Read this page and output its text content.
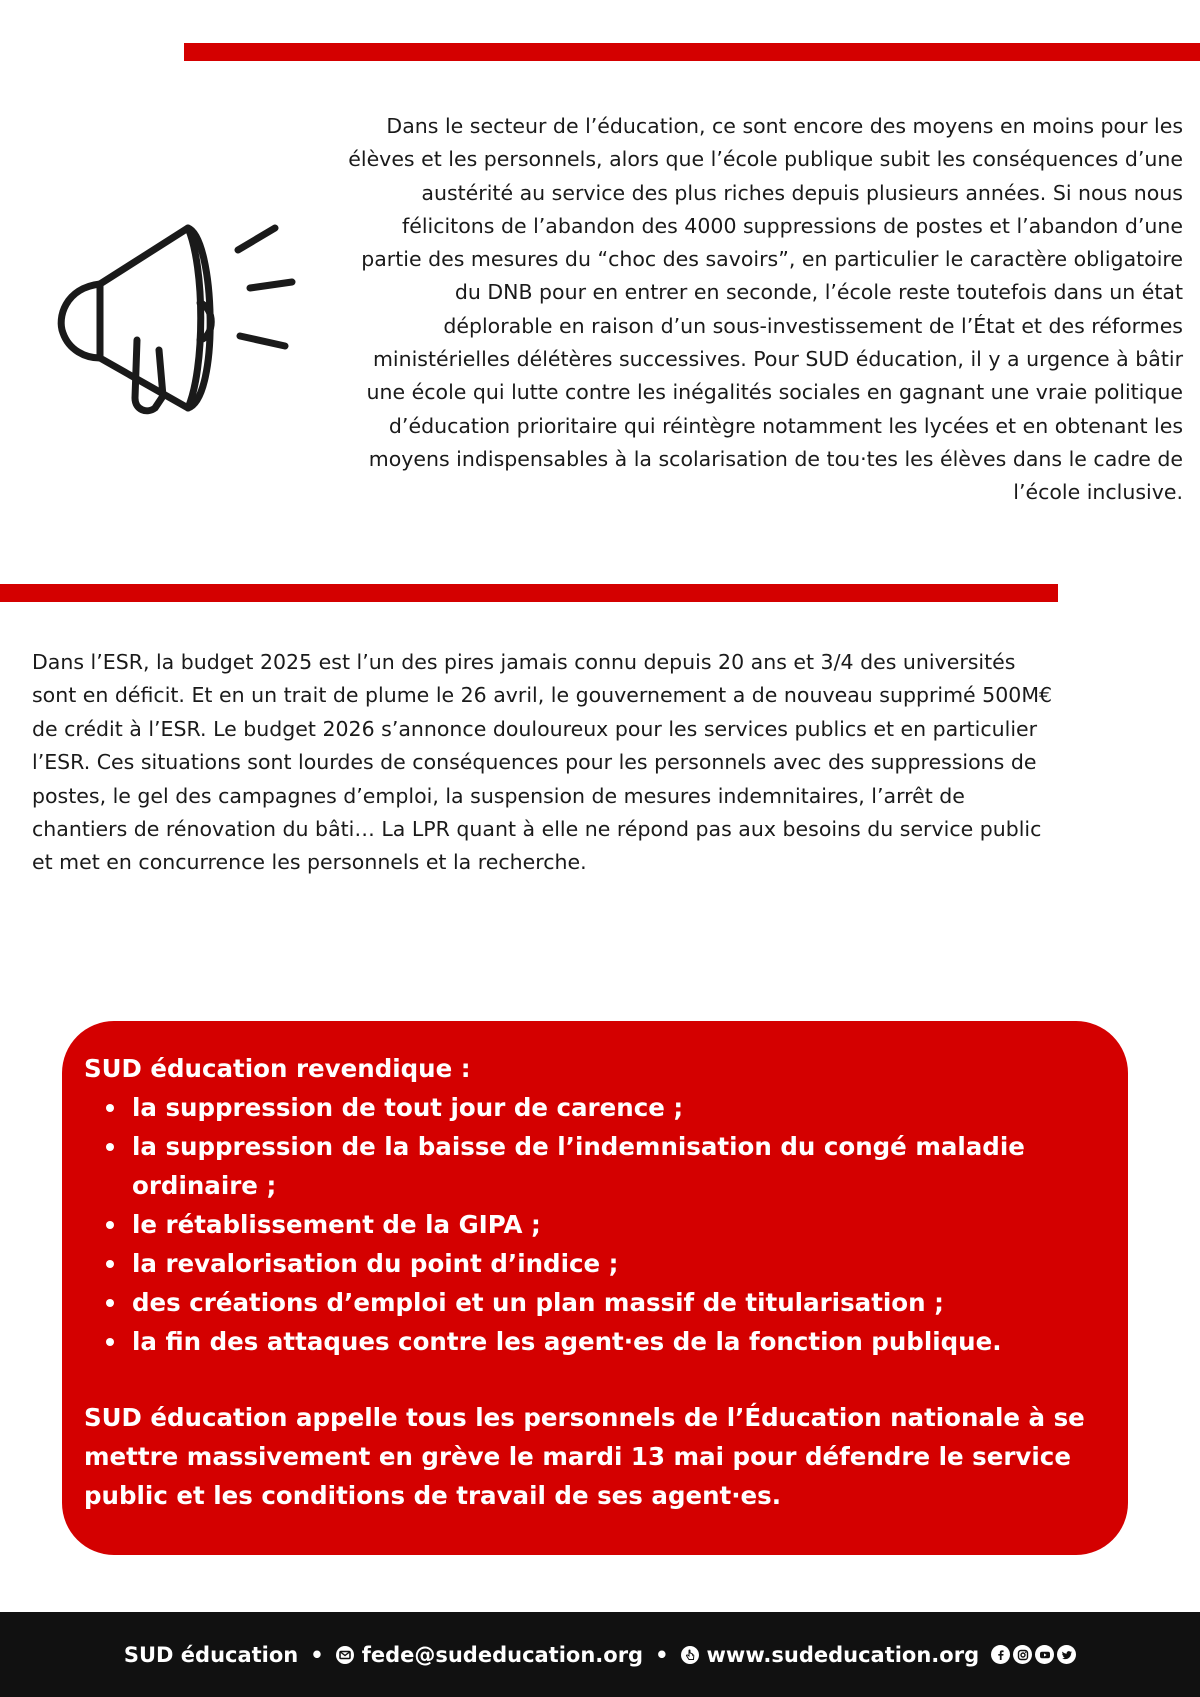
Dans le secteur de l’éducation, ce sont encore des moyens en moins pour les élèves et les personnels, alors que l’école publique subit les conséquences d’une austérité au service des plus riches depuis plusieurs années. Si nous nous félicitons de l’abandon des 4000 suppressions de postes et l’abandon d’une partie des mesures du “choc des savoirs”, en particulier le caractère obligatoire du DNB pour en entrer en seconde, l’école reste toutefois dans un état déplorable en raison d’un sous-investissement de l’État et des réformes ministérielles délétères successives. Pour SUD éducation, il y a urgence à bâtir une école qui lutte contre les inégalités sociales en gagnant une vraie politique d’éducation prioritaire qui réintègre notamment les lycées et en obtenant les moyens indispensables à la scolarisation de tou·tes les élèves dans le cadre de l’école inclusive.

Dans l’ESR, la budget 2025 est l’un des pires jamais connu depuis 20 ans et 3/4 des universités sont en déficit. Et en un trait de plume le 26 avril, le gouvernement a de nouveau supprimé 500M€ de crédit à l’ESR. Le budget 2026 s’annonce douloureux pour les services publics et en particulier l’ESR. Ces situations sont lourdes de conséquences pour les personnels avec des suppressions de postes, le gel des campagnes d’emploi, la suspension de mesures indemnitaires, l’arrêt de chantiers de rénovation du bâti… La LPR quant à elle ne répond pas aux besoins du service public et met en concurrence les personnels et la recherche.

SUD éducation revendique :
la suppression de tout jour de carence ;
la suppression de la baisse de l’indemnisation du congé maladie ordinaire ;
le rétablissement de la GIPA ;
la revalorisation du point d’indice ;
des créations d’emploi et un plan massif de titularisation ;
la fin des attaques contre les agent·es de la fonction publique.

SUD éducation appelle tous les personnels de l’Éducation nationale à se mettre massivement en grève le mardi 13 mai pour défendre le service public et les conditions de travail de ses agent·es.

SUD éducation • fede@sudeducation.org • www.sudeducation.org
